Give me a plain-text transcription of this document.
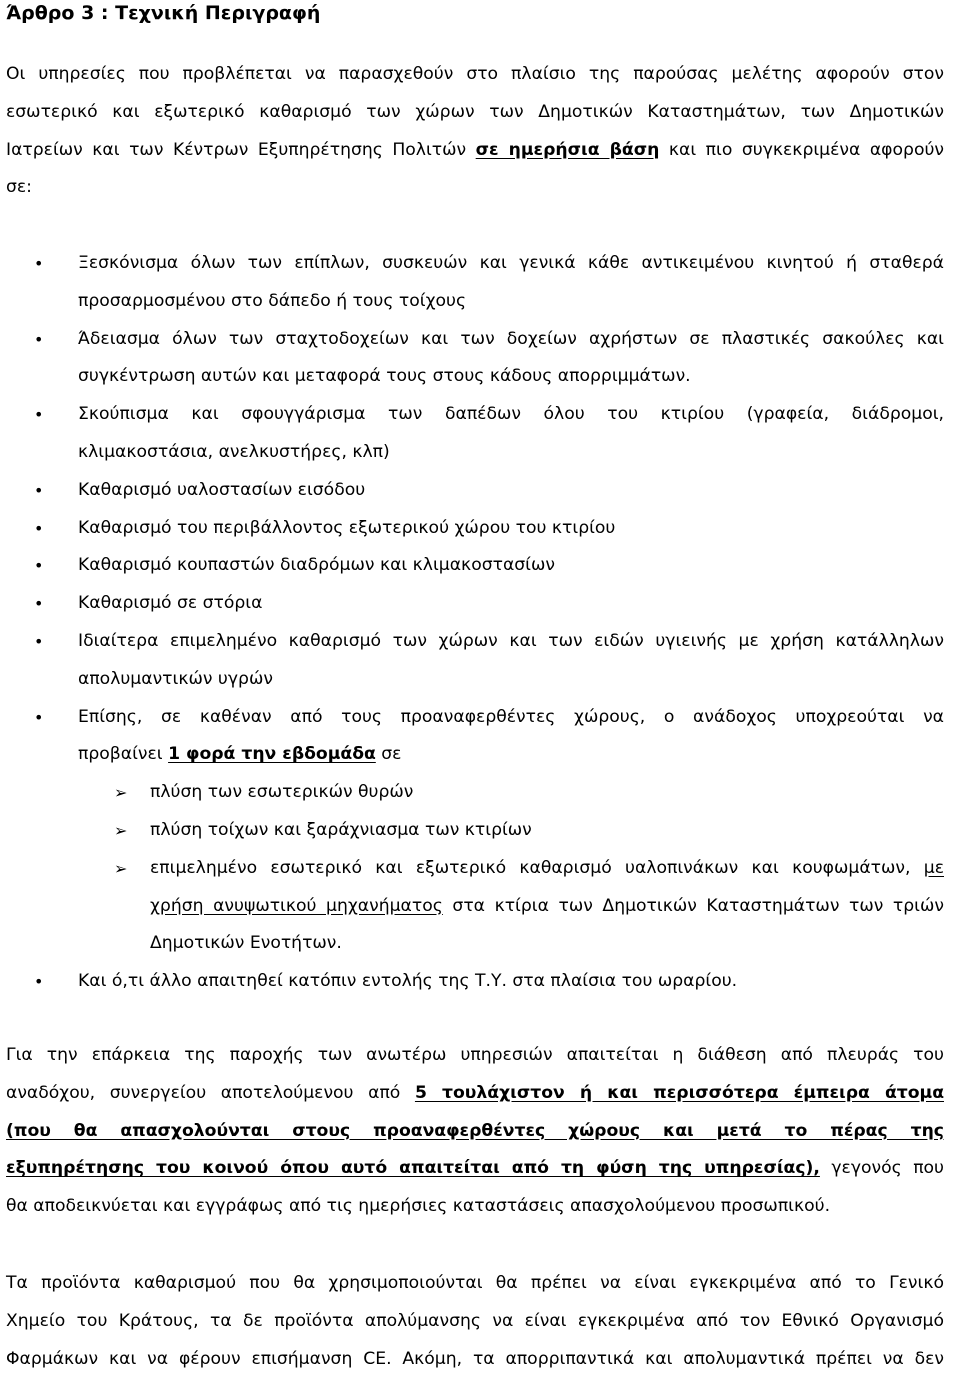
Άρθρο 3 : Τεχνική Περιγραφή
Οι υπηρεσίες που προβλέπεται να παρασχεθούν στο πλαίσιο της παρούσας μελέτης αφορούν στον
εσωτερικό και εξωτερικό καθαρισμό των χώρων των Δημοτικών Καταστημάτων, των Δημοτικών
Ιατρείων και των Κέντρων Εξυπηρέτησης Πολιτών σε ημερήσια βάση και πιο συγκεκριμένα αφορούν
σε:
• Ξεσκόνισμα όλων των επίπλων, συσκευών και γενικά κάθε αντικειμένου κινητού ή σταθερά
προσαρμοσμένου στο δάπεδο ή τους τοίχους
• Άδειασμα όλων των σταχτοδοχείων και των δοχείων αχρήστων σε πλαστικές σακούλες και
συγκέντρωση αυτών και μεταφορά τους στους κάδους απορριμμάτων.
• Σκούπισμα και σφουγγάρισμα των δαπέδων όλου του κτιρίου (γραφεία, διάδρομοι,
κλιμακοστάσια, ανελκυστήρες, κλπ)
• Καθαρισμό υαλοστασίων εισόδου
• Καθαρισμό του περιβάλλοντος εξωτερικού χώρου του κτιρίου
• Καθαρισμό κουπαστών διαδρόμων και κλιμακοστασίων
• Καθαρισμό σε στόρια
• Ιδιαίτερα επιμελημένο καθαρισμό των χώρων και των ειδών υγιεινής με χρήση κατάλληλων
απολυμαντικών υγρών
• Επίσης, σε καθέναν από τους προαναφερθέντες χώρους, ο ανάδοχος υποχρεούται να
προβαίνει 1 φορά την εβδομάδα σε
➢ πλύση των εσωτερικών θυρών
➢ πλύση τοίχων και ξαράχνιασμα των κτιρίων
➢ επιμελημένο εσωτερικό και εξωτερικό καθαρισμό υαλοπινάκων και κουφωμάτων, με
χρήση ανυψωτικού μηχανήματος στα κτίρια των Δημοτικών Καταστημάτων των τριών
Δημοτικών Ενοτήτων.
• Και ό,τι άλλο απαιτηθεί κατόπιν εντολής της Τ.Υ. στα πλαίσια του ωραρίου.
Για την επάρκεια της παροχής των ανωτέρω υπηρεσιών απαιτείται η διάθεση από πλευράς του
αναδόχου, συνεργείου αποτελούμενου από 5 τουλάχιστον ή και περισσότερα έμπειρα άτομα
(που θα απασχολούνται στους προαναφερθέντες χώρους και μετά το πέρας της
εξυπηρέτησης του κοινού όπου αυτό απαιτείται από τη φύση της υπηρεσίας), γεγονός που
θα αποδεικνύεται και εγγράφως από τις ημερήσιες καταστάσεις απασχολούμενου προσωπικού.
Τα προϊόντα καθαρισμού που θα χρησιμοποιούνται θα πρέπει να είναι εγκεκριμένα από το Γενικό
Χημείο του Κράτους, τα δε προϊόντα απολύμανσης να είναι εγκεκριμένα από τον Εθνικό Οργανισμό
Φαρμάκων και να φέρουν επισήμανση CE. Ακόμη, τα απορριπαντικά και απολυμαντικά πρέπει να δεν
